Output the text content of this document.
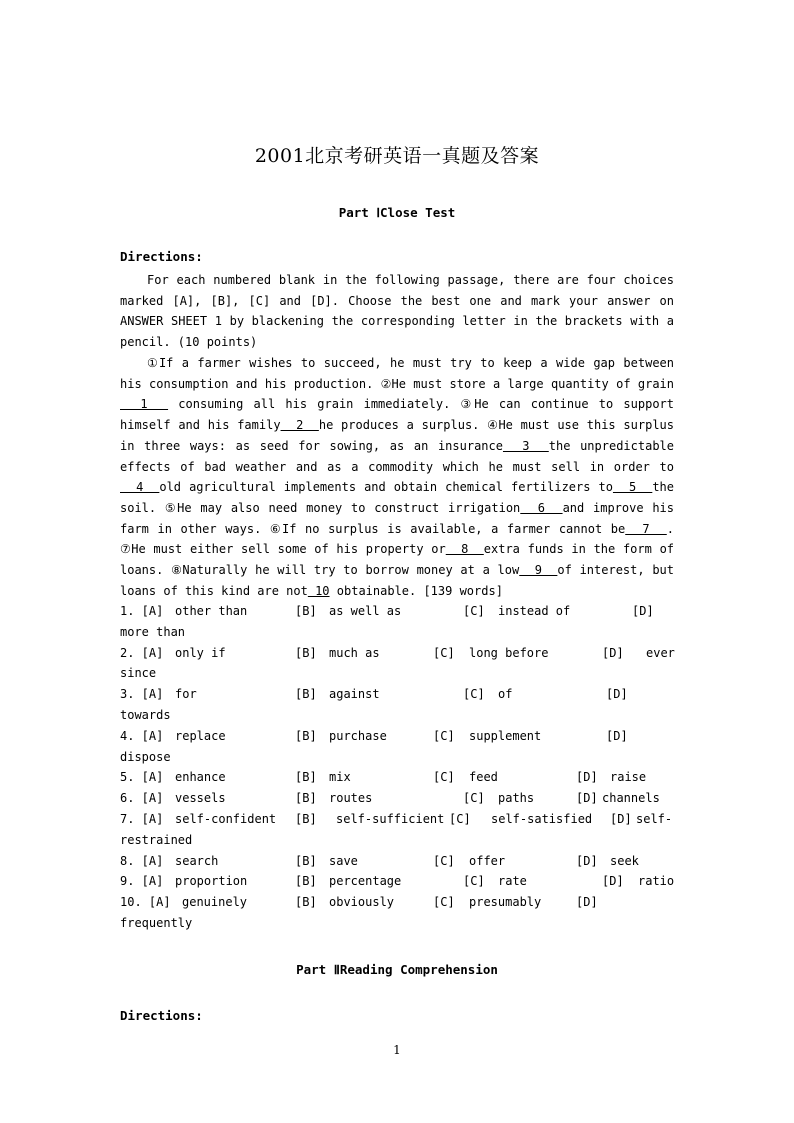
2001北京考研英语一真题及答案
Part ⅠClose Test
Directions:

For each numbered blank in the following passage, there are four choices marked [A], [B], [C] and [D]. Choose the best one and mark your answer on ANSWER SHEET 1 by blackening the corresponding letter in the brackets with a pencil. (10 points)

①If a farmer wishes to succeed, he must try to keep a wide gap between his consumption and his production. ②He must store a large quantity of grain  1   consuming all his grain immediately. ③He can continue to support himself and his family  2  he produces a surplus. ④He must use this surplus in three ways: as seed for sowing, as an insurance  3  the unpredictable effects of bad weather and as a commodity which he must sell in order to  4  old agricultural implements and obtain chemical fertilizers to  5  the soil. ⑤He may also need money to construct irrigation  6  and improve his farm in other ways. ⑥If no surplus is available, a farmer cannot be  7  . ⑦He must either sell some of his property or  8  extra funds in the form of loans. ⑧Naturally he will try to borrow money at a low  9  of interest, but loans of this kind are not 10 obtainable. [139 words]

1. [A] other than	[B] as well as	[C] instead of	[D]
more than
2. [A] only if	[B] much as	[C] long before	[D] ever
since
3. [A] for	[B] against	[C] of	[D]
towards
4. [A] replace	[B] purchase	[C] supplement	[D]
dispose
5. [A] enhance	[B] mix	[C] feed	[D] raise
6. [A] vessels	[B] routes	[C] paths	[D] channels
7. [A] self-confident [B] self-sufficient [C] self-satisfied [D] self-
restrained
8. [A] search	[B] save	[C] offer	[D] seek
9. [A] proportion	[B] percentage	[C] rate	[D] ratio
10. [A] genuinely	[B] obviously	[C] presumably	[D]
frequently
Part ⅡReading Comprehension
Directions:
1
